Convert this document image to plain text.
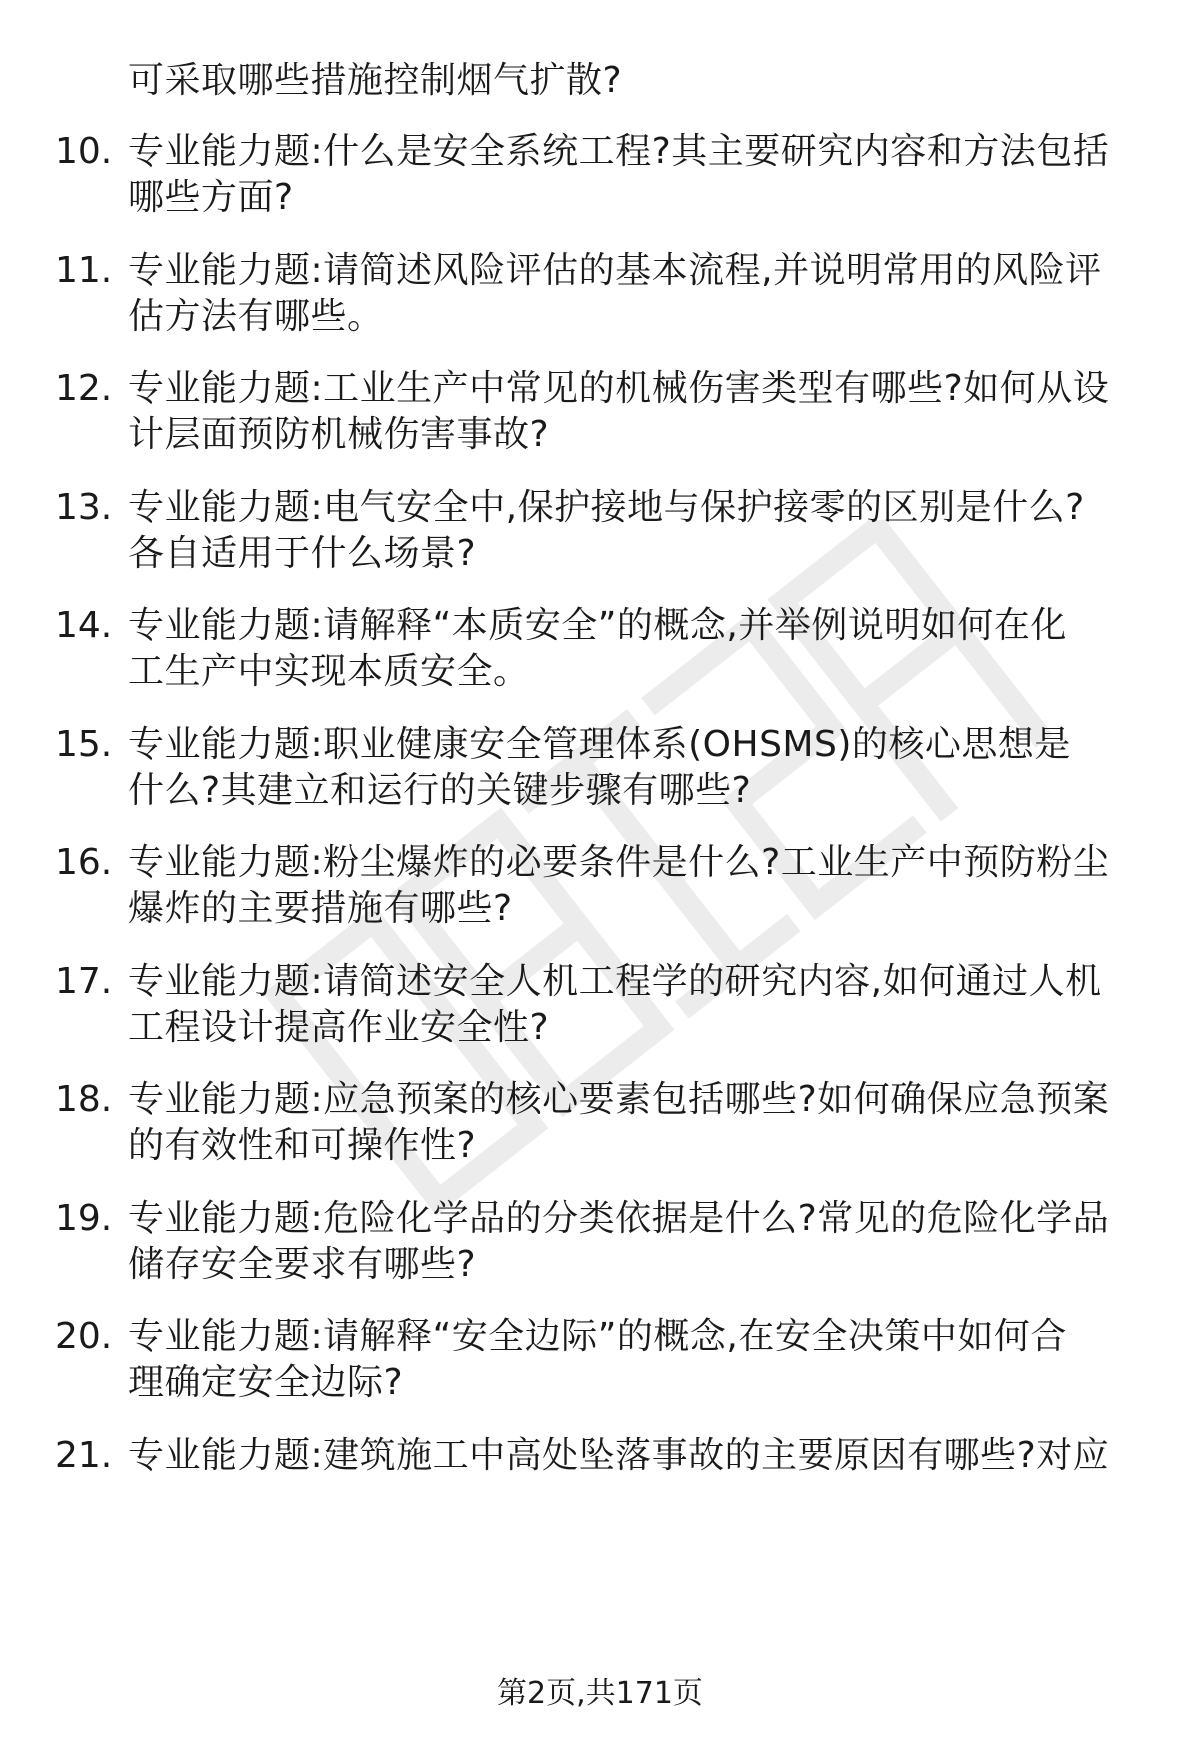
可采取哪些措施控制烟气扩散?
10. 专业能力题:什么是安全系统工程?其主要研究内容和方法包括
哪些方面?
11. 专业能力题:请简述风险评估的基本流程,并说明常用的风险评
估方法有哪些。
12. 专业能力题:工业生产中常见的机械伤害类型有哪些?如何从设
计层面预防机械伤害事故?
13. 专业能力题:电气安全中,保护接地与保护接零的区别是什么?
各自适用于什么场景?
14. 专业能力题:请解释“本质安全”的概念,并举例说明如何在化
工生产中实现本质安全。
15. 专业能力题:职业健康安全管理体系(OHSMS)的核心思想是
什么?其建立和运行的关键步骤有哪些?
16. 专业能力题:粉尘爆炸的必要条件是什么?工业生产中预防粉尘
爆炸的主要措施有哪些?
17. 专业能力题:请简述安全人机工程学的研究内容,如何通过人机
工程设计提高作业安全性?
18. 专业能力题:应急预案的核心要素包括哪些?如何确保应急预案
的有效性和可操作性?
19. 专业能力题:危险化学品的分类依据是什么?常见的危险化学品
储存安全要求有哪些?
20. 专业能力题:请解释“安全边际”的概念,在安全决策中如何合
理确定安全边际?
21. 专业能力题:建筑施工中高处坠落事故的主要原因有哪些?对应
第2页,共171页
